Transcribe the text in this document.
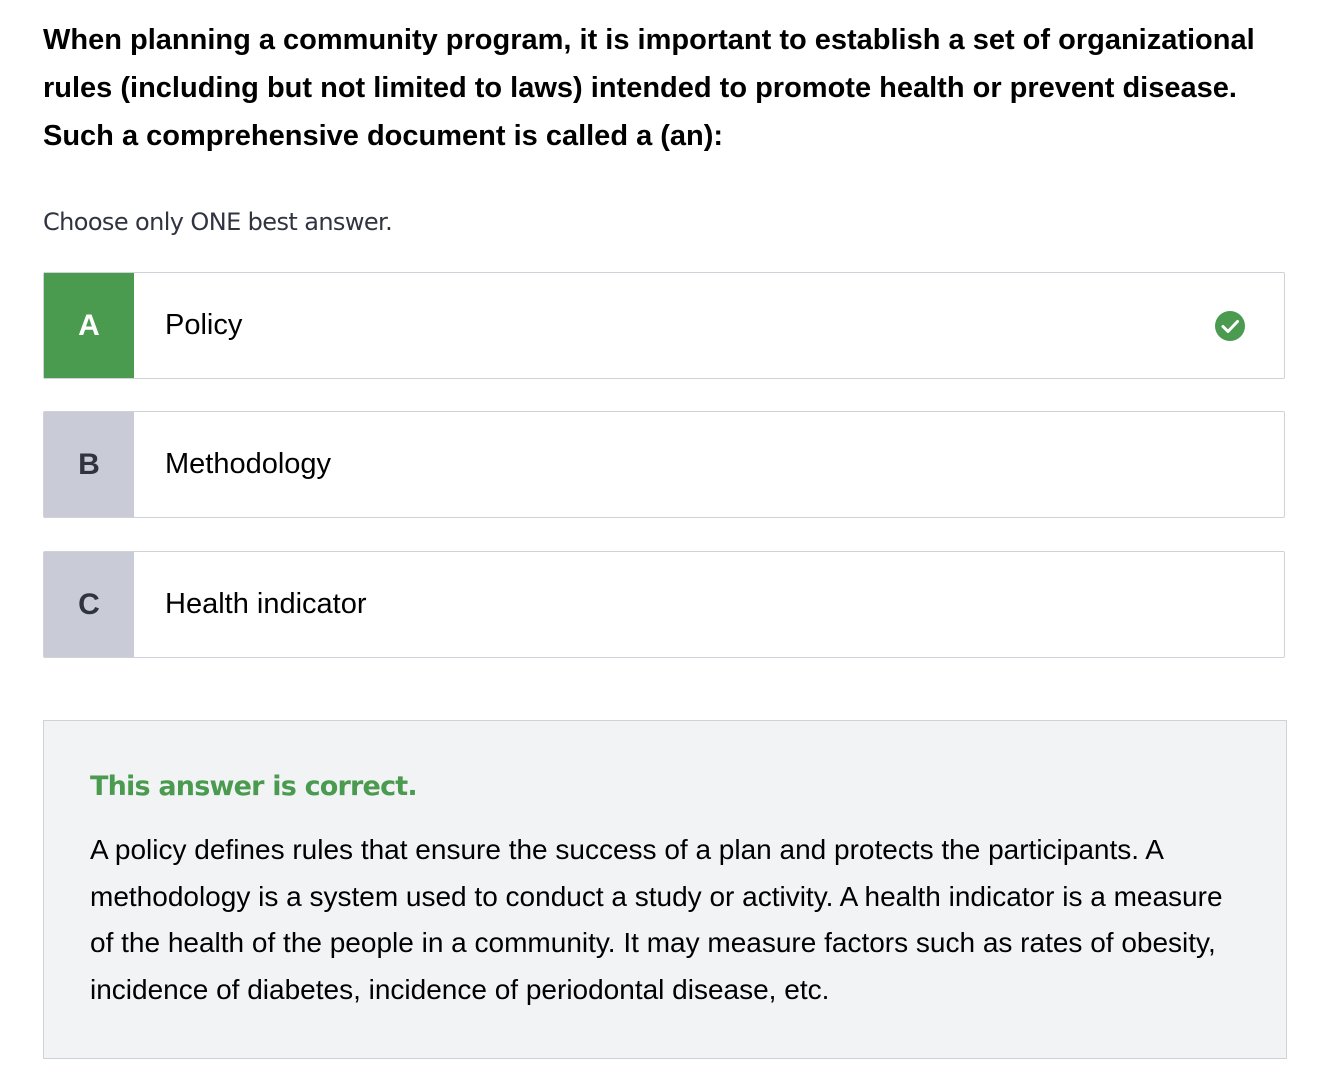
When planning a community program, it is important to establish a set of organizational rules (including but not limited to laws) intended to promote health or prevent disease. Such a comprehensive document is called a (an):

Choose only ONE best answer.

A	Policy
B	Methodology
C	Health indicator

This answer is correct.

A policy defines rules that ensure the success of a plan and protects the participants. A methodology is a system used to conduct a study or activity. A health indicator is a measure of the health of the people in a community. It may measure factors such as rates of obesity, incidence of diabetes, incidence of periodontal disease, etc.
